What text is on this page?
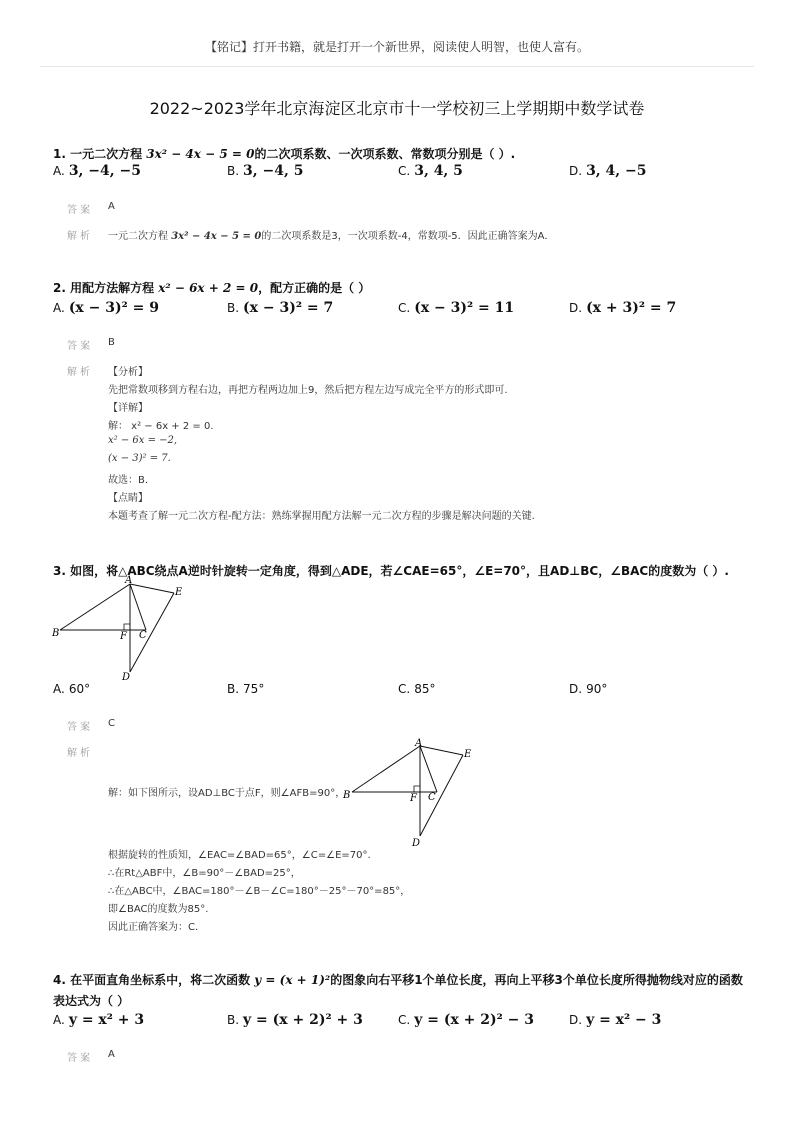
【铭记】打开书籍，就是打开一个新世界，阅读使人明智，也使人富有。
2022~2023学年北京海淀区北京市十一学校初三上学期期中数学试卷
1. 一元二次方程 3x² − 4x − 5 = 0的二次项系数、一次项系数、常数项分别是（ ）.
A. 3, −4, −5	B. 3, −4, 5	C. 3, 4, 5	D. 3, 4, −5
答案 A
解析 一元二次方程 3x² − 4x − 5 = 0的二次项系数是3，一次项系数-4，常数项-5．因此正确答案为A．
2. 用配方法解方程 x² − 6x + 2 = 0，配方正确的是（ ）
A. (x − 3)² = 9	B. (x − 3)² = 7	C. (x − 3)² = 11	D. (x + 3)² = 7
答案 B
解析 【分析】
先把常数项移到方程右边，再把方程两边加上9，然后把方程左边写成完全平方的形式即可.
【详解】
解： x² − 6x + 2 = 0.
x² − 6x = −2,
(x − 3)² = 7.
故选：B.
【点睛】
本题考查了解一元二次方程-配方法：熟练掌握用配方法解一元二次方程的步骤是解决问题的关键.
3. 如图，将△ABC绕点A逆时针旋转一定角度，得到△ADE，若∠CAE=65°，∠E=70°，且AD⊥BC，∠BAC的度数为（ ）.
A
B	C
F
E
D
A. 60°	B. 75°	C. 85°	D. 90°
答案 C
解析
解：如下图所示，设AD⊥BC于点F，则∠AFB=90°，
A
B	C
F
E
D
根据旋转的性质知，∠EAC=∠BAD=65°，∠C=∠E=70°.
∴在Rt△ABF中，∠B=90°－∠BAD=25°，
∴在△ABC中，∠BAC=180°－∠B－∠C=180°－25°－70°=85°，
即∠BAC的度数为85°.
因此正确答案为：C.
4. 在平面直角坐标系中，将二次函数 y = (x + 1)²的图象向右平移1个单位长度，再向上平移3个单位长度所得抛物线对应的函数
表达式为（ ）
A. y = x² + 3	B. y = (x + 2)² + 3	C. y = (x + 2)² − 3	D. y = x² − 3
答案 A
